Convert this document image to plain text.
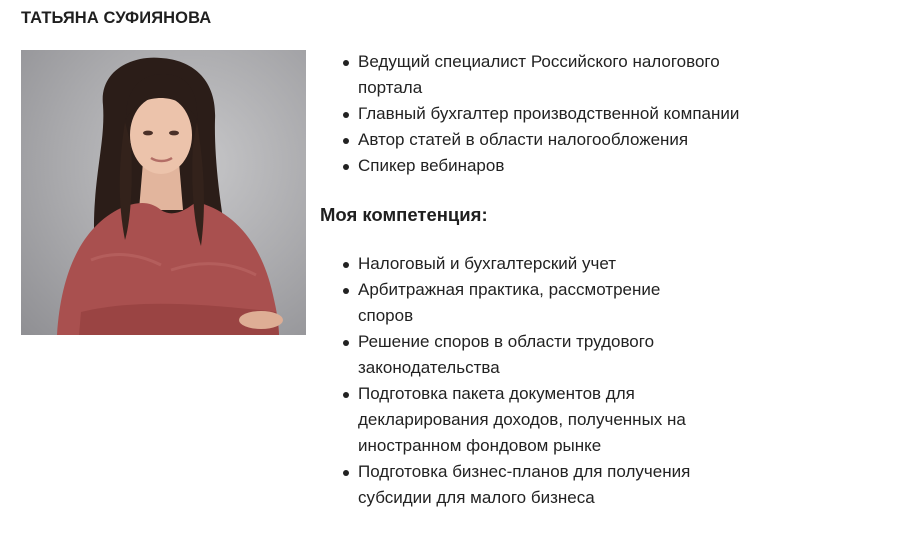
ТАТЬЯНА СУФИЯНОВА
Ведущий специалист Российского налогового портала
Главный бухгалтер производственной компании
Автор статей в области налогообложения
Спикер вебинаров
Моя компетенция:
Налоговый и бухгалтерский учет
Арбитражная практика, рассмотрение споров
Решение споров в области трудового законодательства
Подготовка пакета документов для декларирования доходов, полученных на иностранном фондовом рынке
Подготовка бизнес-планов для получения субсидии для малого бизнеса
